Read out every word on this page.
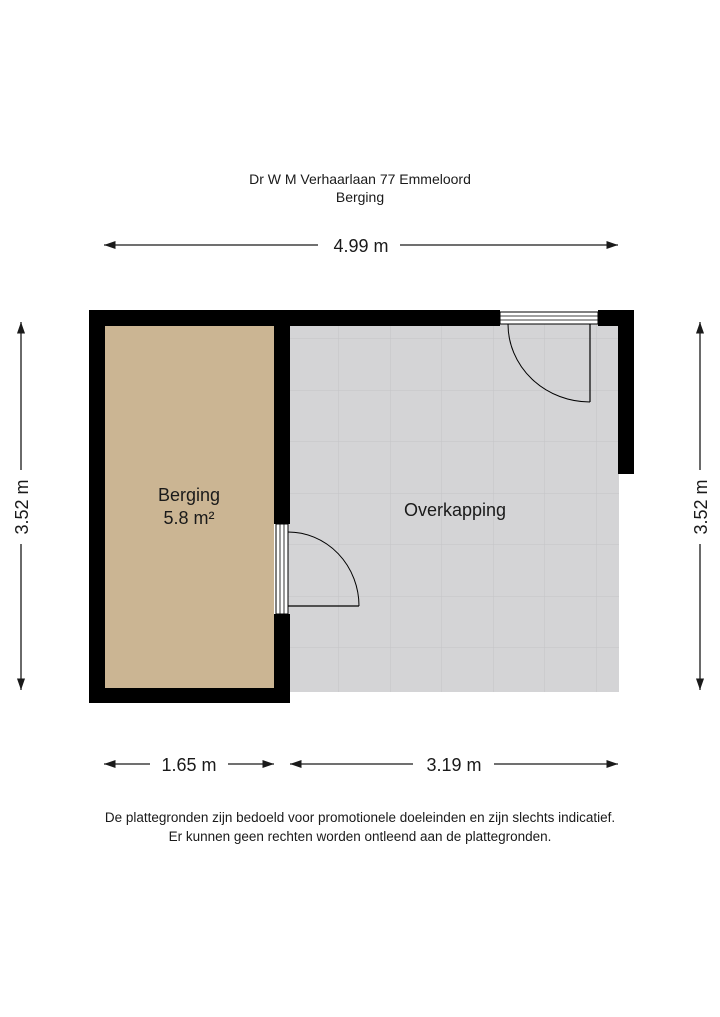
Dr W M Verhaarlaan 77 Emmeloord
Berging
Berging
5.8 m²	Overkapping
4.99 m
3.52 m	3.52 m
1.65 m	3.19 m
De plattegronden zijn bedoeld voor promotionele doeleinden en zijn slechts indicatief.
Er kunnen geen rechten worden ontleend aan de plattegronden.
